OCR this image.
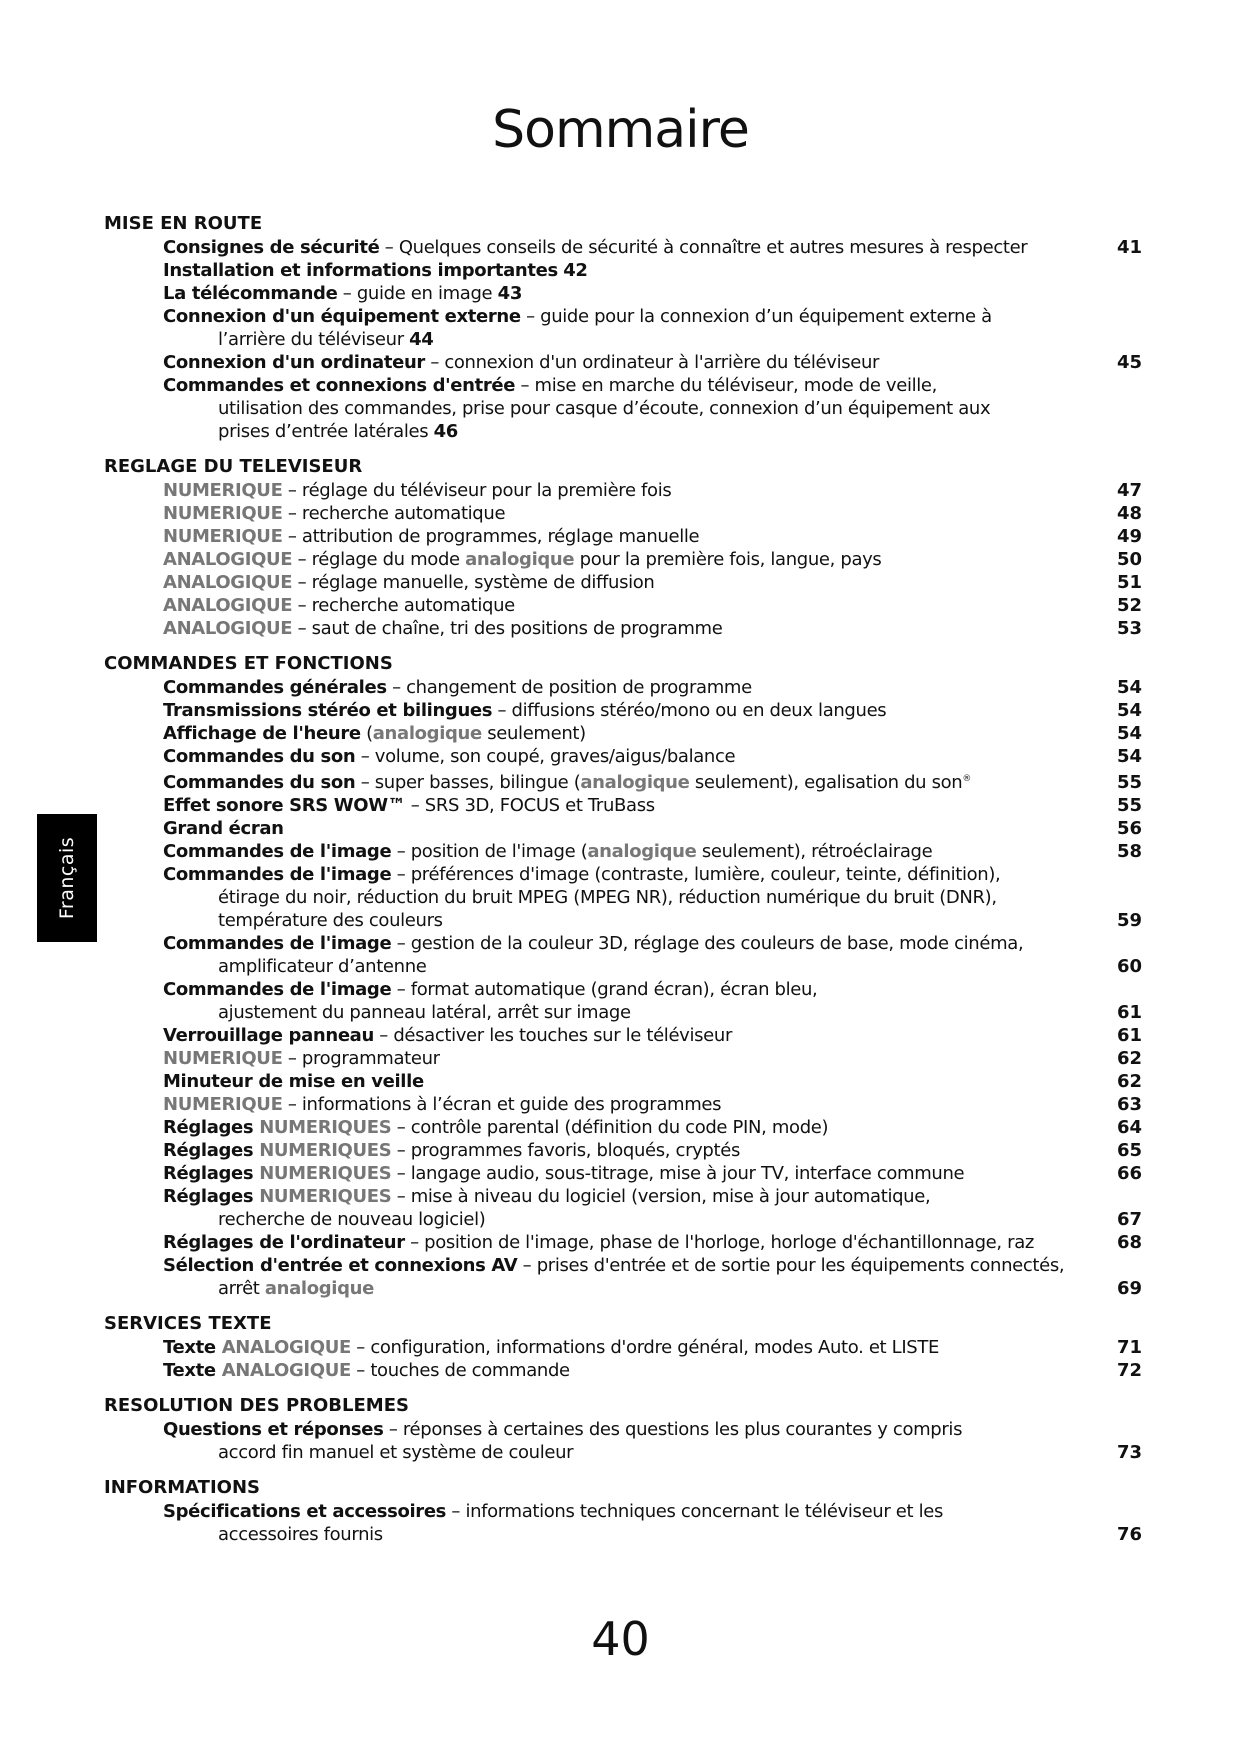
Sommaire
Français
MISE EN ROUTE
Consignes de sécurité – Quelques conseils de sécurité à connaître et autres mesures à respecter	41
Installation et informations importantes 42
La télécommande – guide en image 43
Connexion d'un équipement externe – guide pour la connexion d’un équipement externe à
l’arrière du téléviseur 44
Connexion d'un ordinateur – connexion d'un ordinateur à l'arrière du téléviseur	45
Commandes et connexions d'entrée – mise en marche du téléviseur, mode de veille,
utilisation des commandes, prise pour casque d’écoute, connexion d’un équipement aux
prises d’entrée latérales 46
REGLAGE DU TELEVISEUR
NUMERIQUE – réglage du téléviseur pour la première fois	47
NUMERIQUE – recherche automatique	48
NUMERIQUE – attribution de programmes, réglage manuelle	49
ANALOGIQUE – réglage du mode analogique pour la première fois, langue, pays	50
ANALOGIQUE – réglage manuelle, système de diffusion	51
ANALOGIQUE – recherche automatique	52
ANALOGIQUE – saut de chaîne, tri des positions de programme	53
COMMANDES ET FONCTIONS
Commandes générales – changement de position de programme	54
Transmissions stéréo et bilingues – diffusions stéréo/mono ou en deux langues	54
Affichage de l'heure (analogique seulement)	54
Commandes du son – volume, son coupé, graves/aigus/balance	54
Commandes du son – super basses, bilingue (analogique seulement), egalisation du son®	55
Effet sonore SRS WOW™ – SRS 3D, FOCUS et TruBass	55
Grand écran	56
Commandes de l'image – position de l'image (analogique seulement), rétroéclairage	58
Commandes de l'image – préférences d'image (contraste, lumière, couleur, teinte, définition),
étirage du noir, réduction du bruit MPEG (MPEG NR), réduction numérique du bruit (DNR),
température des couleurs	59
Commandes de l'image – gestion de la couleur 3D, réglage des couleurs de base, mode cinéma,
amplificateur d’antenne	60
Commandes de l'image – format automatique (grand écran), écran bleu,
ajustement du panneau latéral, arrêt sur image	61
Verrouillage panneau – désactiver les touches sur le téléviseur	61
NUMERIQUE – programmateur	62
Minuteur de mise en veille	62
NUMERIQUE – informations à l’écran et guide des programmes	63
Réglages NUMERIQUES – contrôle parental (définition du code PIN, mode)	64
Réglages NUMERIQUES – programmes favoris, bloqués, cryptés	65
Réglages NUMERIQUES – langage audio, sous-titrage, mise à jour TV, interface commune	66
Réglages NUMERIQUES – mise à niveau du logiciel (version, mise à jour automatique,
recherche de nouveau logiciel)	67
Réglages de l'ordinateur – position de l'image, phase de l'horloge, horloge d'échantillonnage, raz	68
Sélection d'entrée et connexions AV – prises d'entrée et de sortie pour les équipements connectés,
arrêt analogique	69
SERVICES TEXTE
Texte ANALOGIQUE – configuration, informations d'ordre général, modes Auto. et LISTE	71
Texte ANALOGIQUE – touches de commande	72
RESOLUTION DES PROBLEMES
Questions et réponses – réponses à certaines des questions les plus courantes y compris
accord fin manuel et système de couleur	73
INFORMATIONS
Spécifications et accessoires – informations techniques concernant le téléviseur et les
accessoires fournis	76
40
